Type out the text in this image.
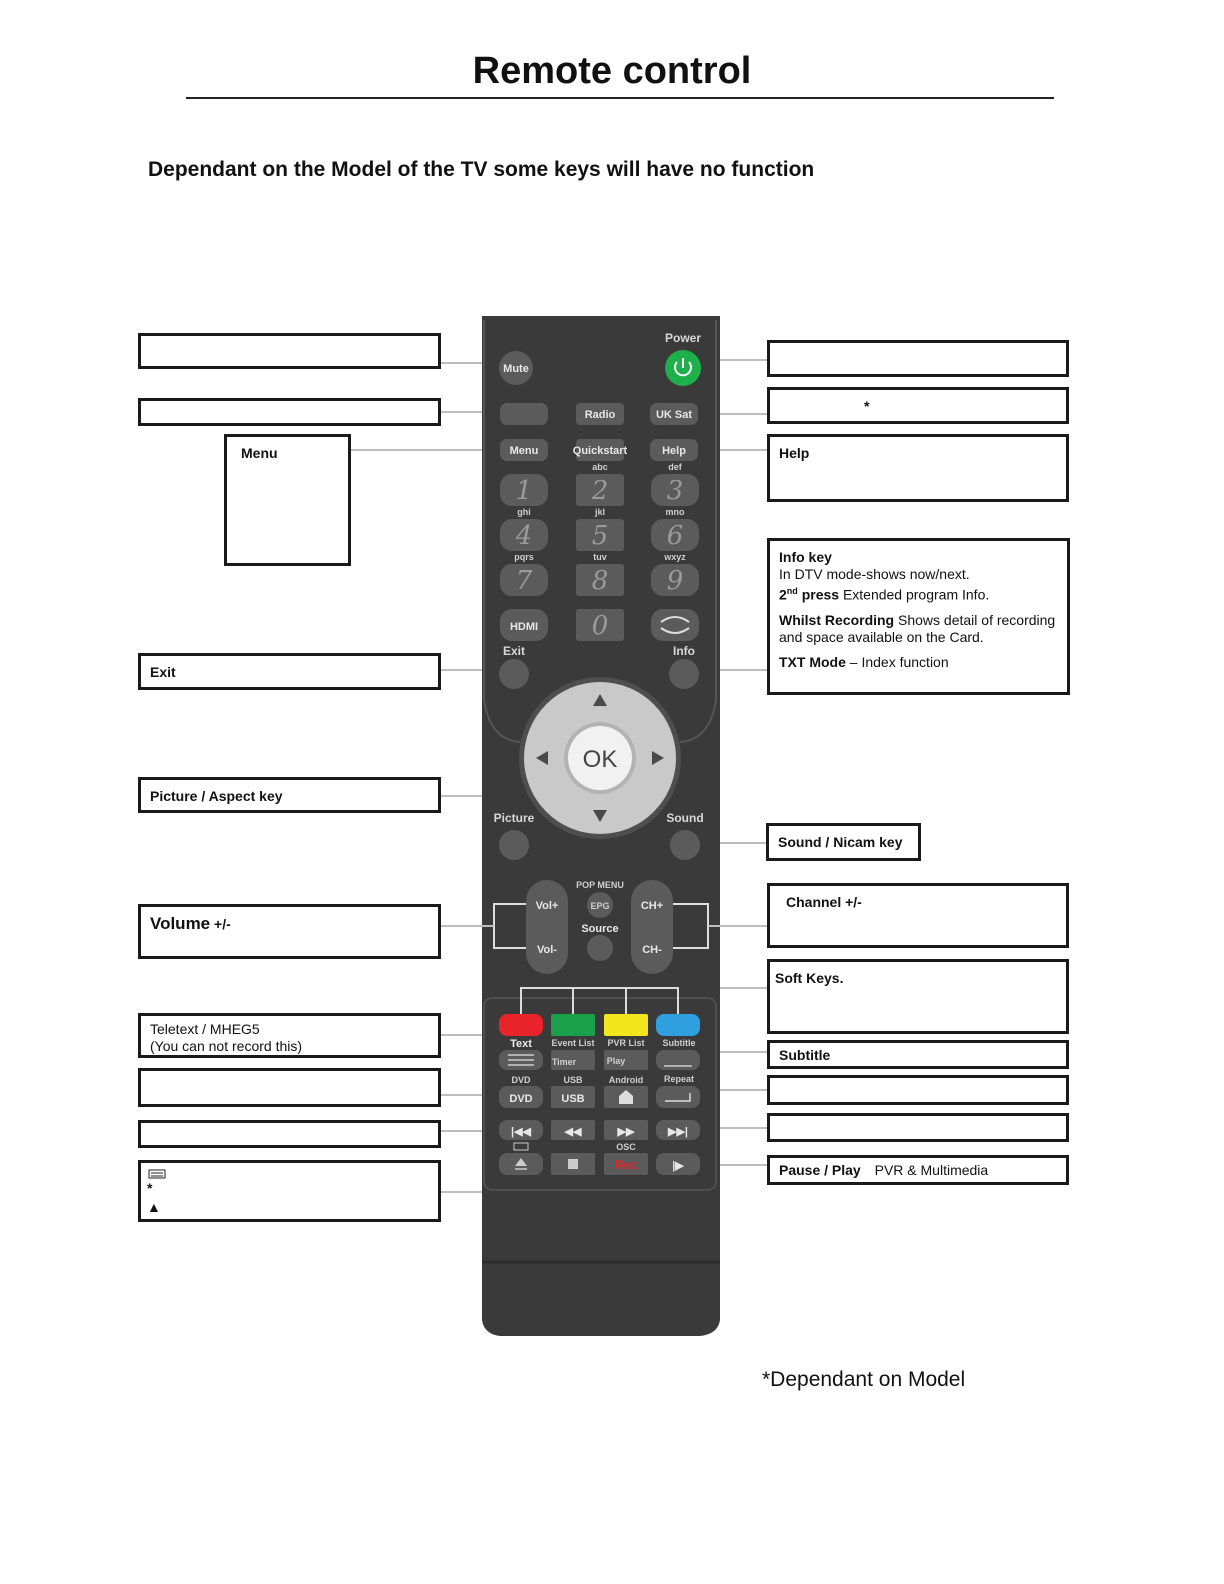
Remote control
Dependant on the Model of the TV some keys will have no function
Power
Mute
Radio	UK Sat
Menu	Quickstart	Help
abc	def
1 2 3
ghi	jkl	mno
4 5 6
pqrs	tuv	wxyz
7 8 9
HDMI 0
Exit	Info
OK
Picture	Sound
POP MENU
Vol+
Vol-
CH+
CH-
EPG
Source
Text Event List PVR List Subtitle
Timer	Play
DVD	USB	Android Repeat
DVD	USB
|◀◀	◀◀	▶▶	▶▶|
OSC
Rec	|▶
Menu
Exit
Picture / Aspect key
Volume +/-
Teletext / MHEG5
(You can not record this)
*
▲
*
Help
Info key
In DTV mode-shows now/next.
2nd press Extended program Info.
Whilst Recording Shows detail of recording and space available on the Card.
TXT Mode – Index function
Sound / Nicam key
Channel +/-
Soft Keys.
Subtitle
Pause / Play PVR & Multimedia
*Dependant on Model
